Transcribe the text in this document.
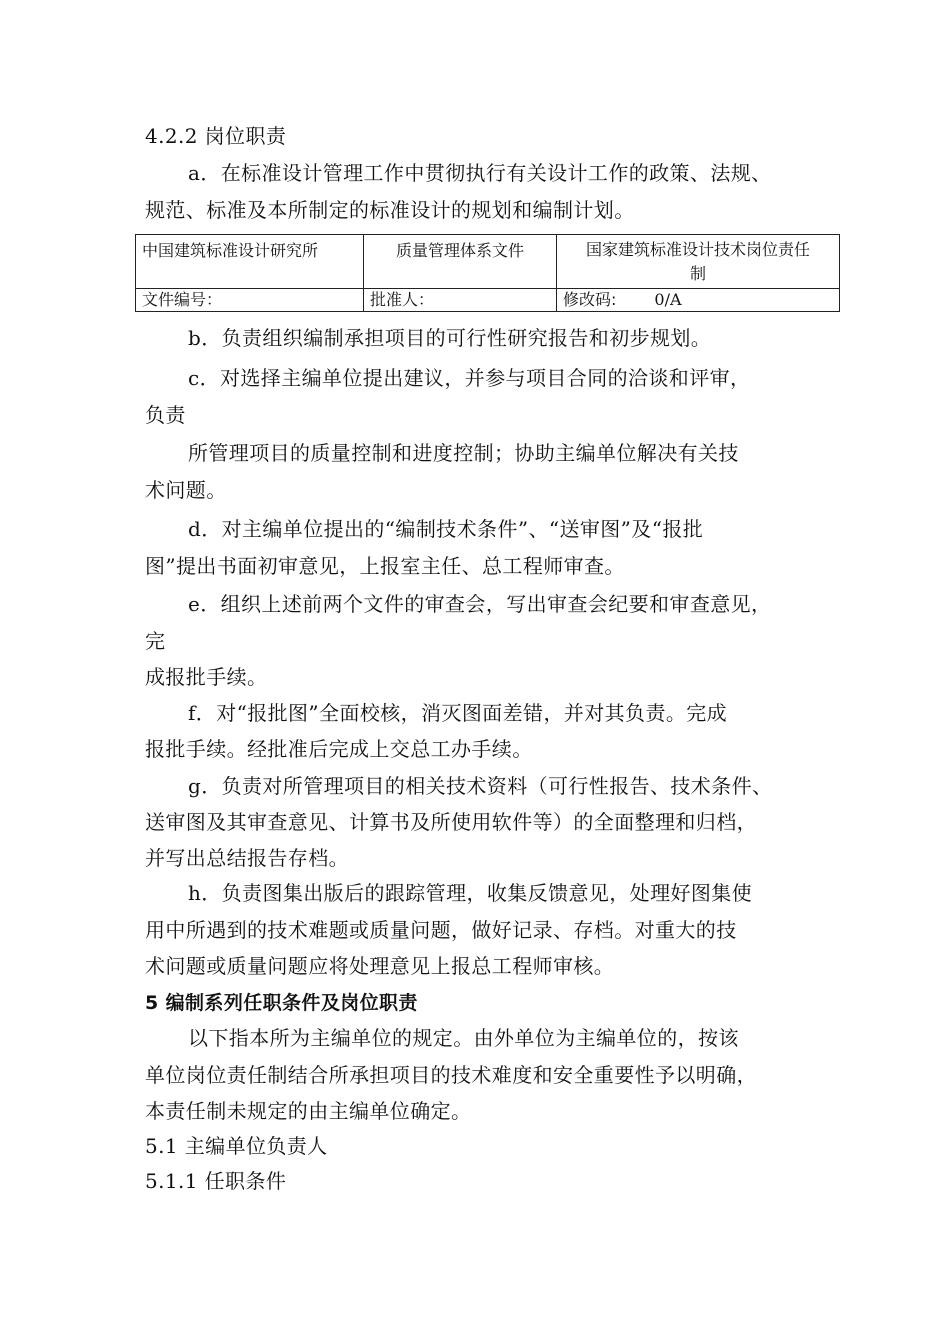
4.2.2 岗位职责
a．在标准设计管理工作中贯彻执行有关设计工作的政策、法规、
规范、标准及本所制定的标准设计的规划和编制计划。
中国建筑标准设计研究所	质量管理体系文件	国家建筑标准设计技术岗位责任
制
文件编号：	批准人：	修改码: 0/A
b．负责组织编制承担项目的可行性研究报告和初步规划。
c．对选择主编单位提出建议，并参与项目合同的洽谈和评审，
负责
所管理项目的质量控制和进度控制；协助主编单位解决有关技
术问题。
d．对主编单位提出的“编制技术条件”、“送审图”及“报批
图”提出书面初审意见，上报室主任、总工程师审查。
e．组织上述前两个文件的审查会，写出审查会纪要和审查意见，
完
成报批手续。
f．对“报批图”全面校核，消灭图面差错，并对其负责。完成
报批手续。经批准后完成上交总工办手续。
g．负责对所管理项目的相关技术资料（可行性报告、技术条件、
送审图及其审查意见、计算书及所使用软件等）的全面整理和归档，
并写出总结报告存档。
h．负责图集出版后的跟踪管理，收集反馈意见，处理好图集使
用中所遇到的技术难题或质量问题，做好记录、存档。对重大的技
术问题或质量问题应将处理意见上报总工程师审核。
5 编制系列任职条件及岗位职责
以下指本所为主编单位的规定。由外单位为主编单位的，按该
单位岗位责任制结合所承担项目的技术难度和安全重要性予以明确，
本责任制未规定的由主编单位确定。
5.1 主编单位负责人
5.1.1 任职条件
